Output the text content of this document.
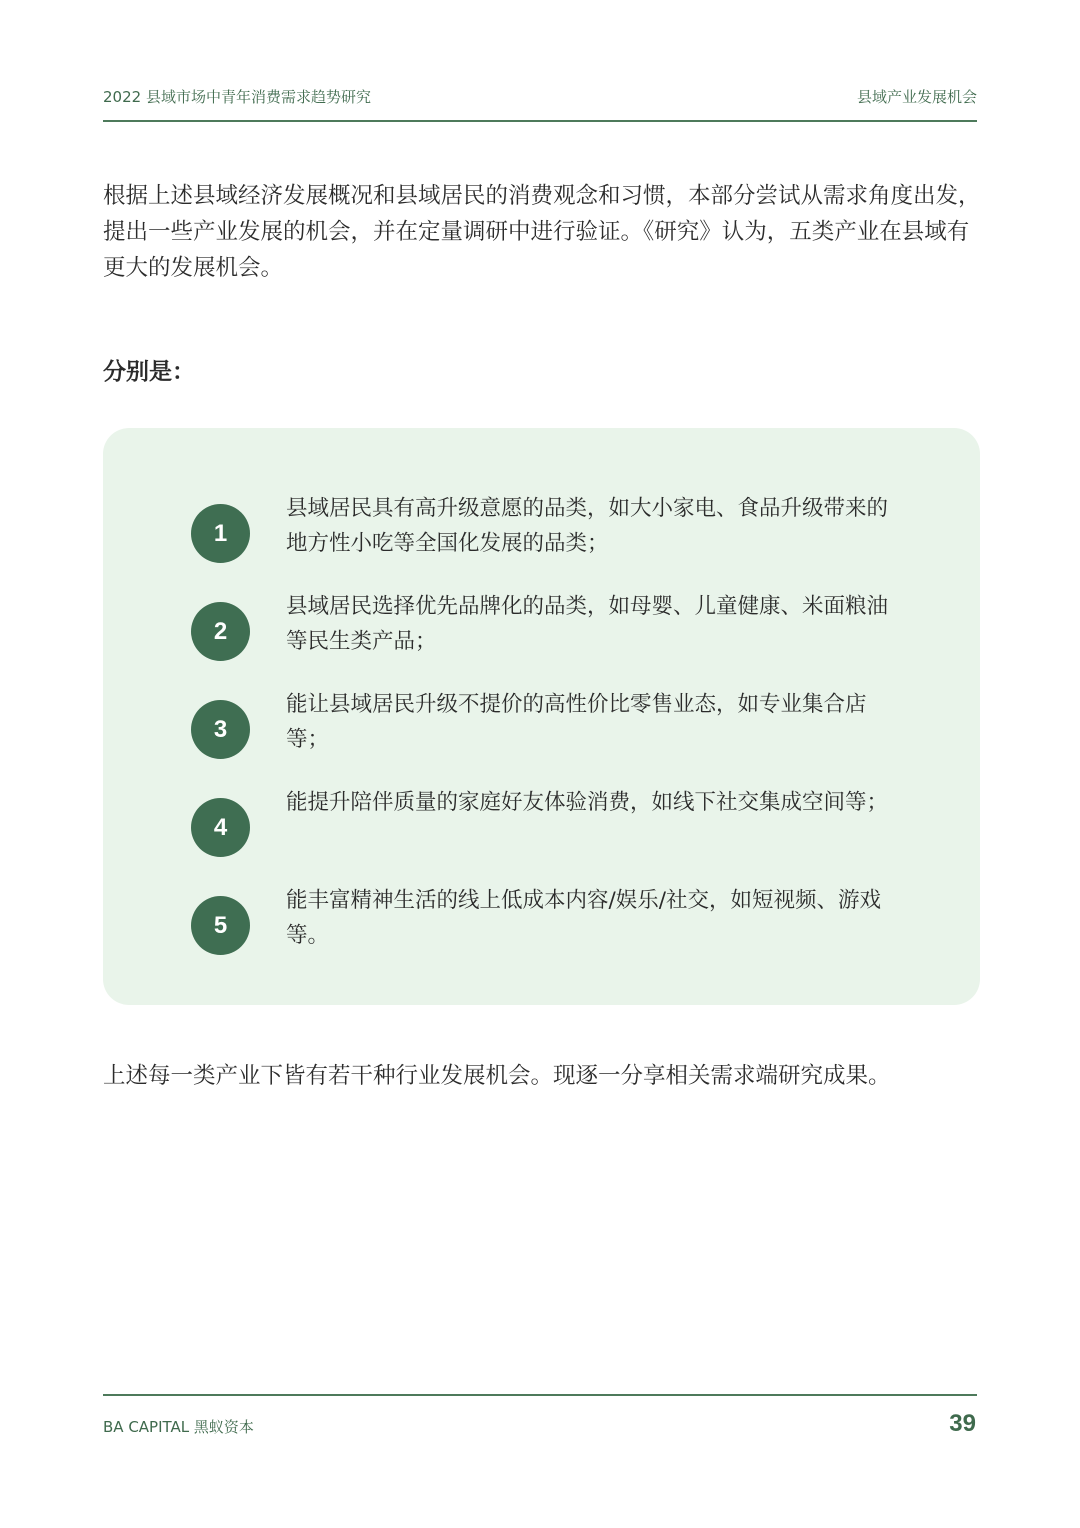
2022 县域市场中青年消费需求趋势研究	县域产业发展机会

根据上述县域经济发展概况和县域居民的消费观念和习惯，本部分尝试从需求角度出发，提出一些产业发展的机会，并在定量调研中进行验证。《研究》认为，五类产业在县域有更大的发展机会。

分别是：

1

县域居民具有高升级意愿的品类，如大小家电、食品升级带来的地方性小吃等全国化发展的品类；

2

县域居民选择优先品牌化的品类，如母婴、儿童健康、米面粮油等民生类产品；

3

能让县域居民升级不提价的高性价比零售业态，如专业集合店等；

4

能提升陪伴质量的家庭好友体验消费，如线下社交集成空间等；

5

能丰富精神生活的线上低成本内容/娱乐/社交，如短视频、游戏等。

上述每一类产业下皆有若干种行业发展机会。现逐一分享相关需求端研究成果。

BA CAPITAL 黑蚁资本	39
